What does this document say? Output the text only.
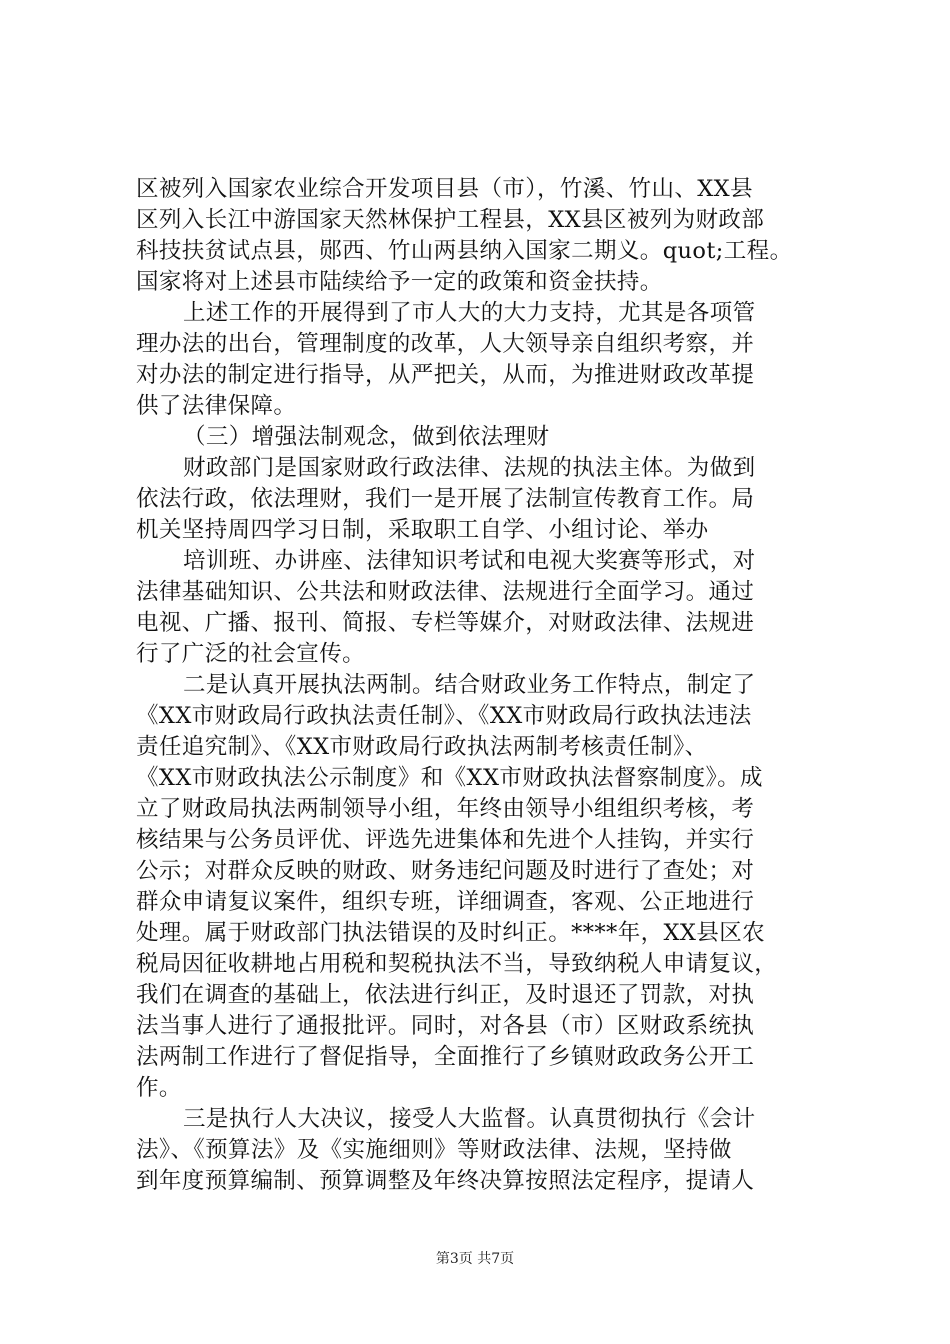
区被列入国家农业综合开发项目县（市），竹溪、竹山、XX县
区列入长江中游国家天然林保护工程县，XX县区被列为财政部
科技扶贫试点县，郧西、竹山两县纳入国家二期义。quot;工程。
国家将对上述县市陆续给予一定的政策和资金扶持。
上述工作的开展得到了市人大的大力支持，尤其是各项管
理办法的出台，管理制度的改革，人大领导亲自组织考察，并
对办法的制定进行指导，从严把关，从而，为推进财政改革提
供了法律保障。
（三）增强法制观念，做到依法理财
财政部门是国家财政行政法律、法规的执法主体。为做到
依法行政，依法理财，我们一是开展了法制宣传教育工作。局
机关坚持周四学习日制，采取职工自学、小组讨论、举办
培训班、办讲座、法律知识考试和电视大奖赛等形式，对
法律基础知识、公共法和财政法律、法规进行全面学习。通过
电视、广播、报刊、简报、专栏等媒介，对财政法律、法规进
行了广泛的社会宣传。
二是认真开展执法两制。结合财政业务工作特点，制定了
《XX市财政局行政执法责任制》、《XX市财政局行政执法违法
责任追究制》、《XX市财政局行政执法两制考核责任制》、
《XX市财政执法公示制度》和《XX市财政执法督察制度》。成
立了财政局执法两制领导小组，年终由领导小组组织考核，考
核结果与公务员评优、评选先进集体和先进个人挂钩，并实行
公示；对群众反映的财政、财务违纪问题及时进行了查处；对
群众申请复议案件，组织专班，详细调查，客观、公正地进行
处理。属于财政部门执法错误的及时纠正。****年，XX县区农
税局因征收耕地占用税和契税执法不当，导致纳税人申请复议，
我们在调查的基础上，依法进行纠正，及时退还了罚款，对执
法当事人进行了通报批评。同时，对各县（市）区财政系统执
法两制工作进行了督促指导，全面推行了乡镇财政政务公开工
作。
三是执行人大决议，接受人大监督。认真贯彻执行《会计
法》、《预算法》及《实施细则》等财政法律、法规，坚持做
到年度预算编制、预算调整及年终决算按照法定程序，提请人
第3页 共7页
